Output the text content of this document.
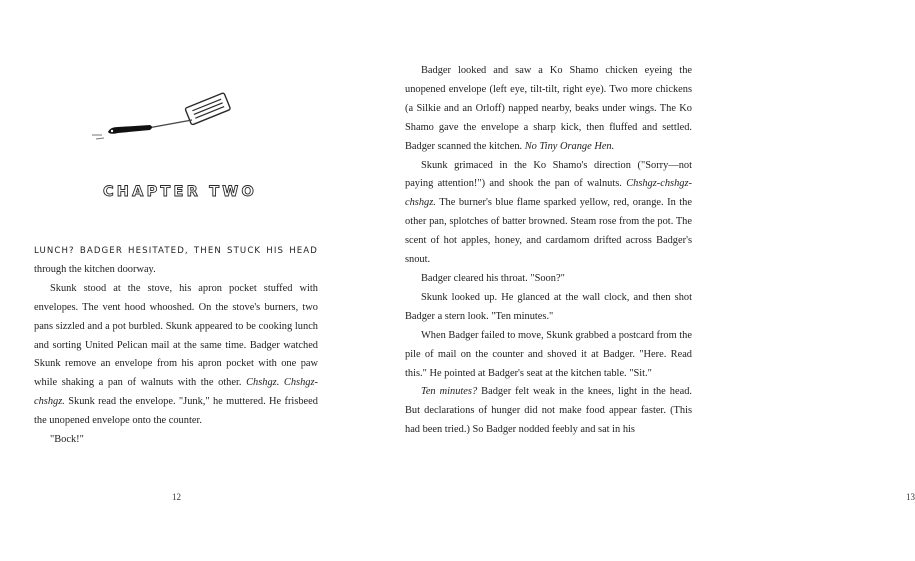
CHAPTER TWO

LUNCH? BADGER HESITATED, THEN STUCK HIS HEAD through the kitchen doorway.

Skunk stood at the stove, his apron pocket stuffed with envelopes. The vent hood whooshed. On the stove's burners, two pans sizzled and a pot burbled. Skunk appeared to be cooking lunch and sorting United Pelican mail at the same time. Badger watched Skunk remove an envelope from his apron pocket with one paw while shaking a pan of walnuts with the other. Chshgz. Chshgz-chshgz. Skunk read the envelope. "Junk," he muttered. He frisbeed the unopened envelope onto the counter.

"Bock!"

12	13

Badger looked and saw a Ko Shamo chicken eyeing the unopened envelope (left eye, tilt-tilt, right eye). Two more chickens (a Silkie and an Orloff) napped nearby, beaks under wings. The Ko Shamo gave the envelope a sharp kick, then fluffed and settled. Badger scanned the kitchen. No Tiny Orange Hen.

Skunk grimaced in the Ko Shamo's direction ("Sorry—not paying attention!") and shook the pan of walnuts. Chshgz-chshgz-chshgz. The burner's blue flame sparked yellow, red, orange. In the other pan, splotches of batter browned. Steam rose from the pot. The scent of hot apples, honey, and cardamom drifted across Badger's snout.

Badger cleared his throat. "Soon?"

Skunk looked up. He glanced at the wall clock, and then shot Badger a stern look. "Ten minutes."

When Badger failed to move, Skunk grabbed a postcard from the pile of mail on the counter and shoved it at Badger. "Here. Read this." He pointed at Badger's seat at the kitchen table. "Sit."

Ten minutes? Badger felt weak in the knees, light in the head. But declarations of hunger did not make food appear faster. (This had been tried.) So Badger nodded feebly and sat in his
